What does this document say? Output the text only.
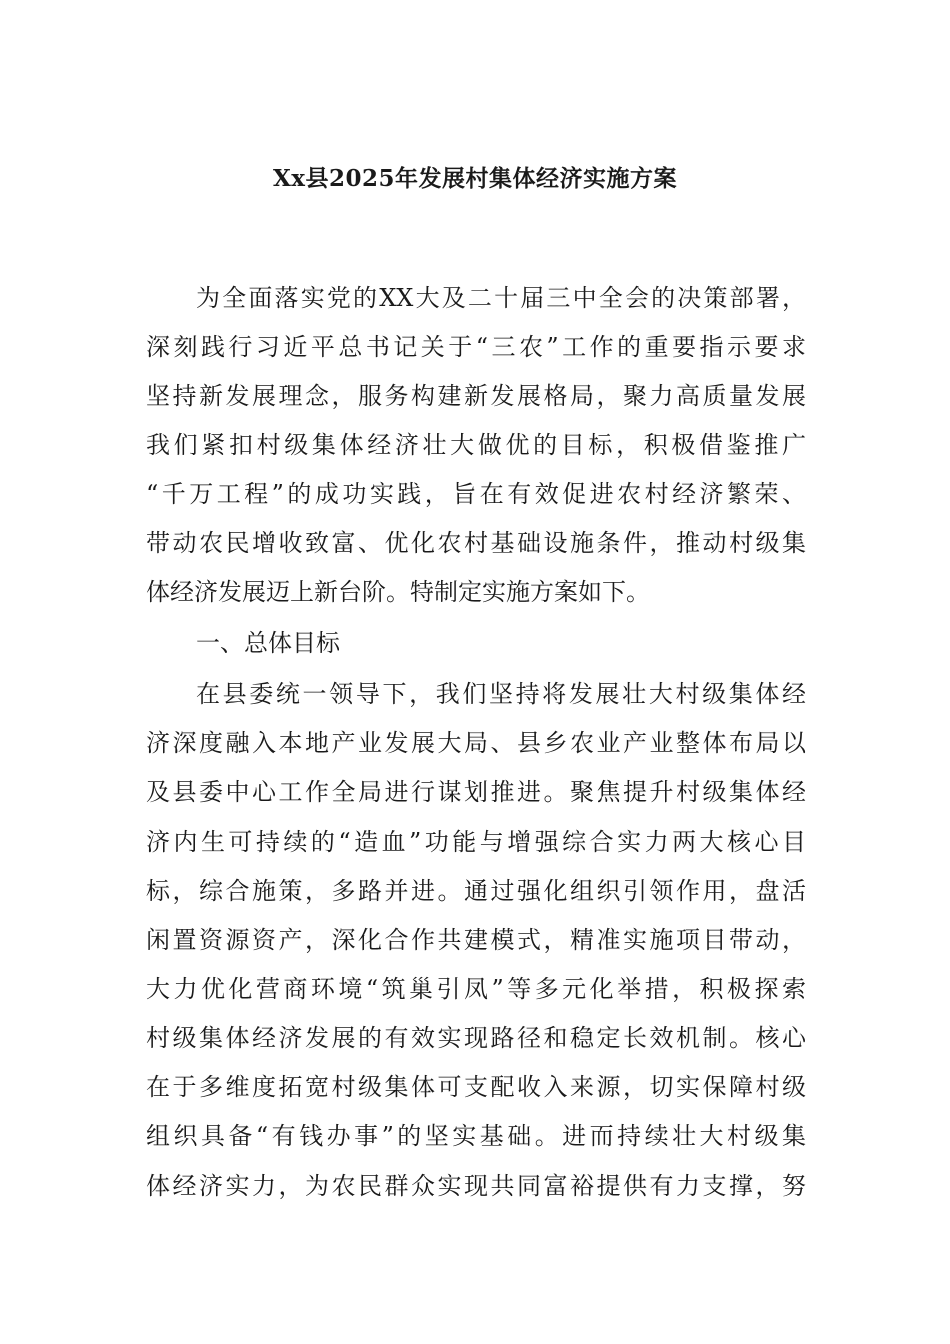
Xx县2025年发展村集体经济实施方案

为全面落实党的XX大及二十届三中全会的决策部署，

深刻践行习近平总书记关于“三农”工作的重要指示要求

坚持新发展理念，服务构建新发展格局，聚力高质量发展

我们紧扣村级集体经济壮大做优的目标，积极借鉴推广

“千万工程”的成功实践，旨在有效促进农村经济繁荣、

带动农民增收致富、优化农村基础设施条件，推动村级集

体经济发展迈上新台阶。特制定实施方案如下。

一、总体目标

在县委统一领导下，我们坚持将发展壮大村级集体经

济深度融入本地产业发展大局、县乡农业产业整体布局以

及县委中心工作全局进行谋划推进。聚焦提升村级集体经

济内生可持续的“造血”功能与增强综合实力两大核心目

标，综合施策，多路并进。通过强化组织引领作用，盘活

闲置资源资产，深化合作共建模式，精准实施项目带动，

大力优化营商环境“筑巢引凤”等多元化举措，积极探索

村级集体经济发展的有效实现路径和稳定长效机制。核心

在于多维度拓宽村级集体可支配收入来源，切实保障村级

组织具备“有钱办事”的坚实基础。进而持续壮大村级集

体经济实力，为农民群众实现共同富裕提供有力支撑，努
